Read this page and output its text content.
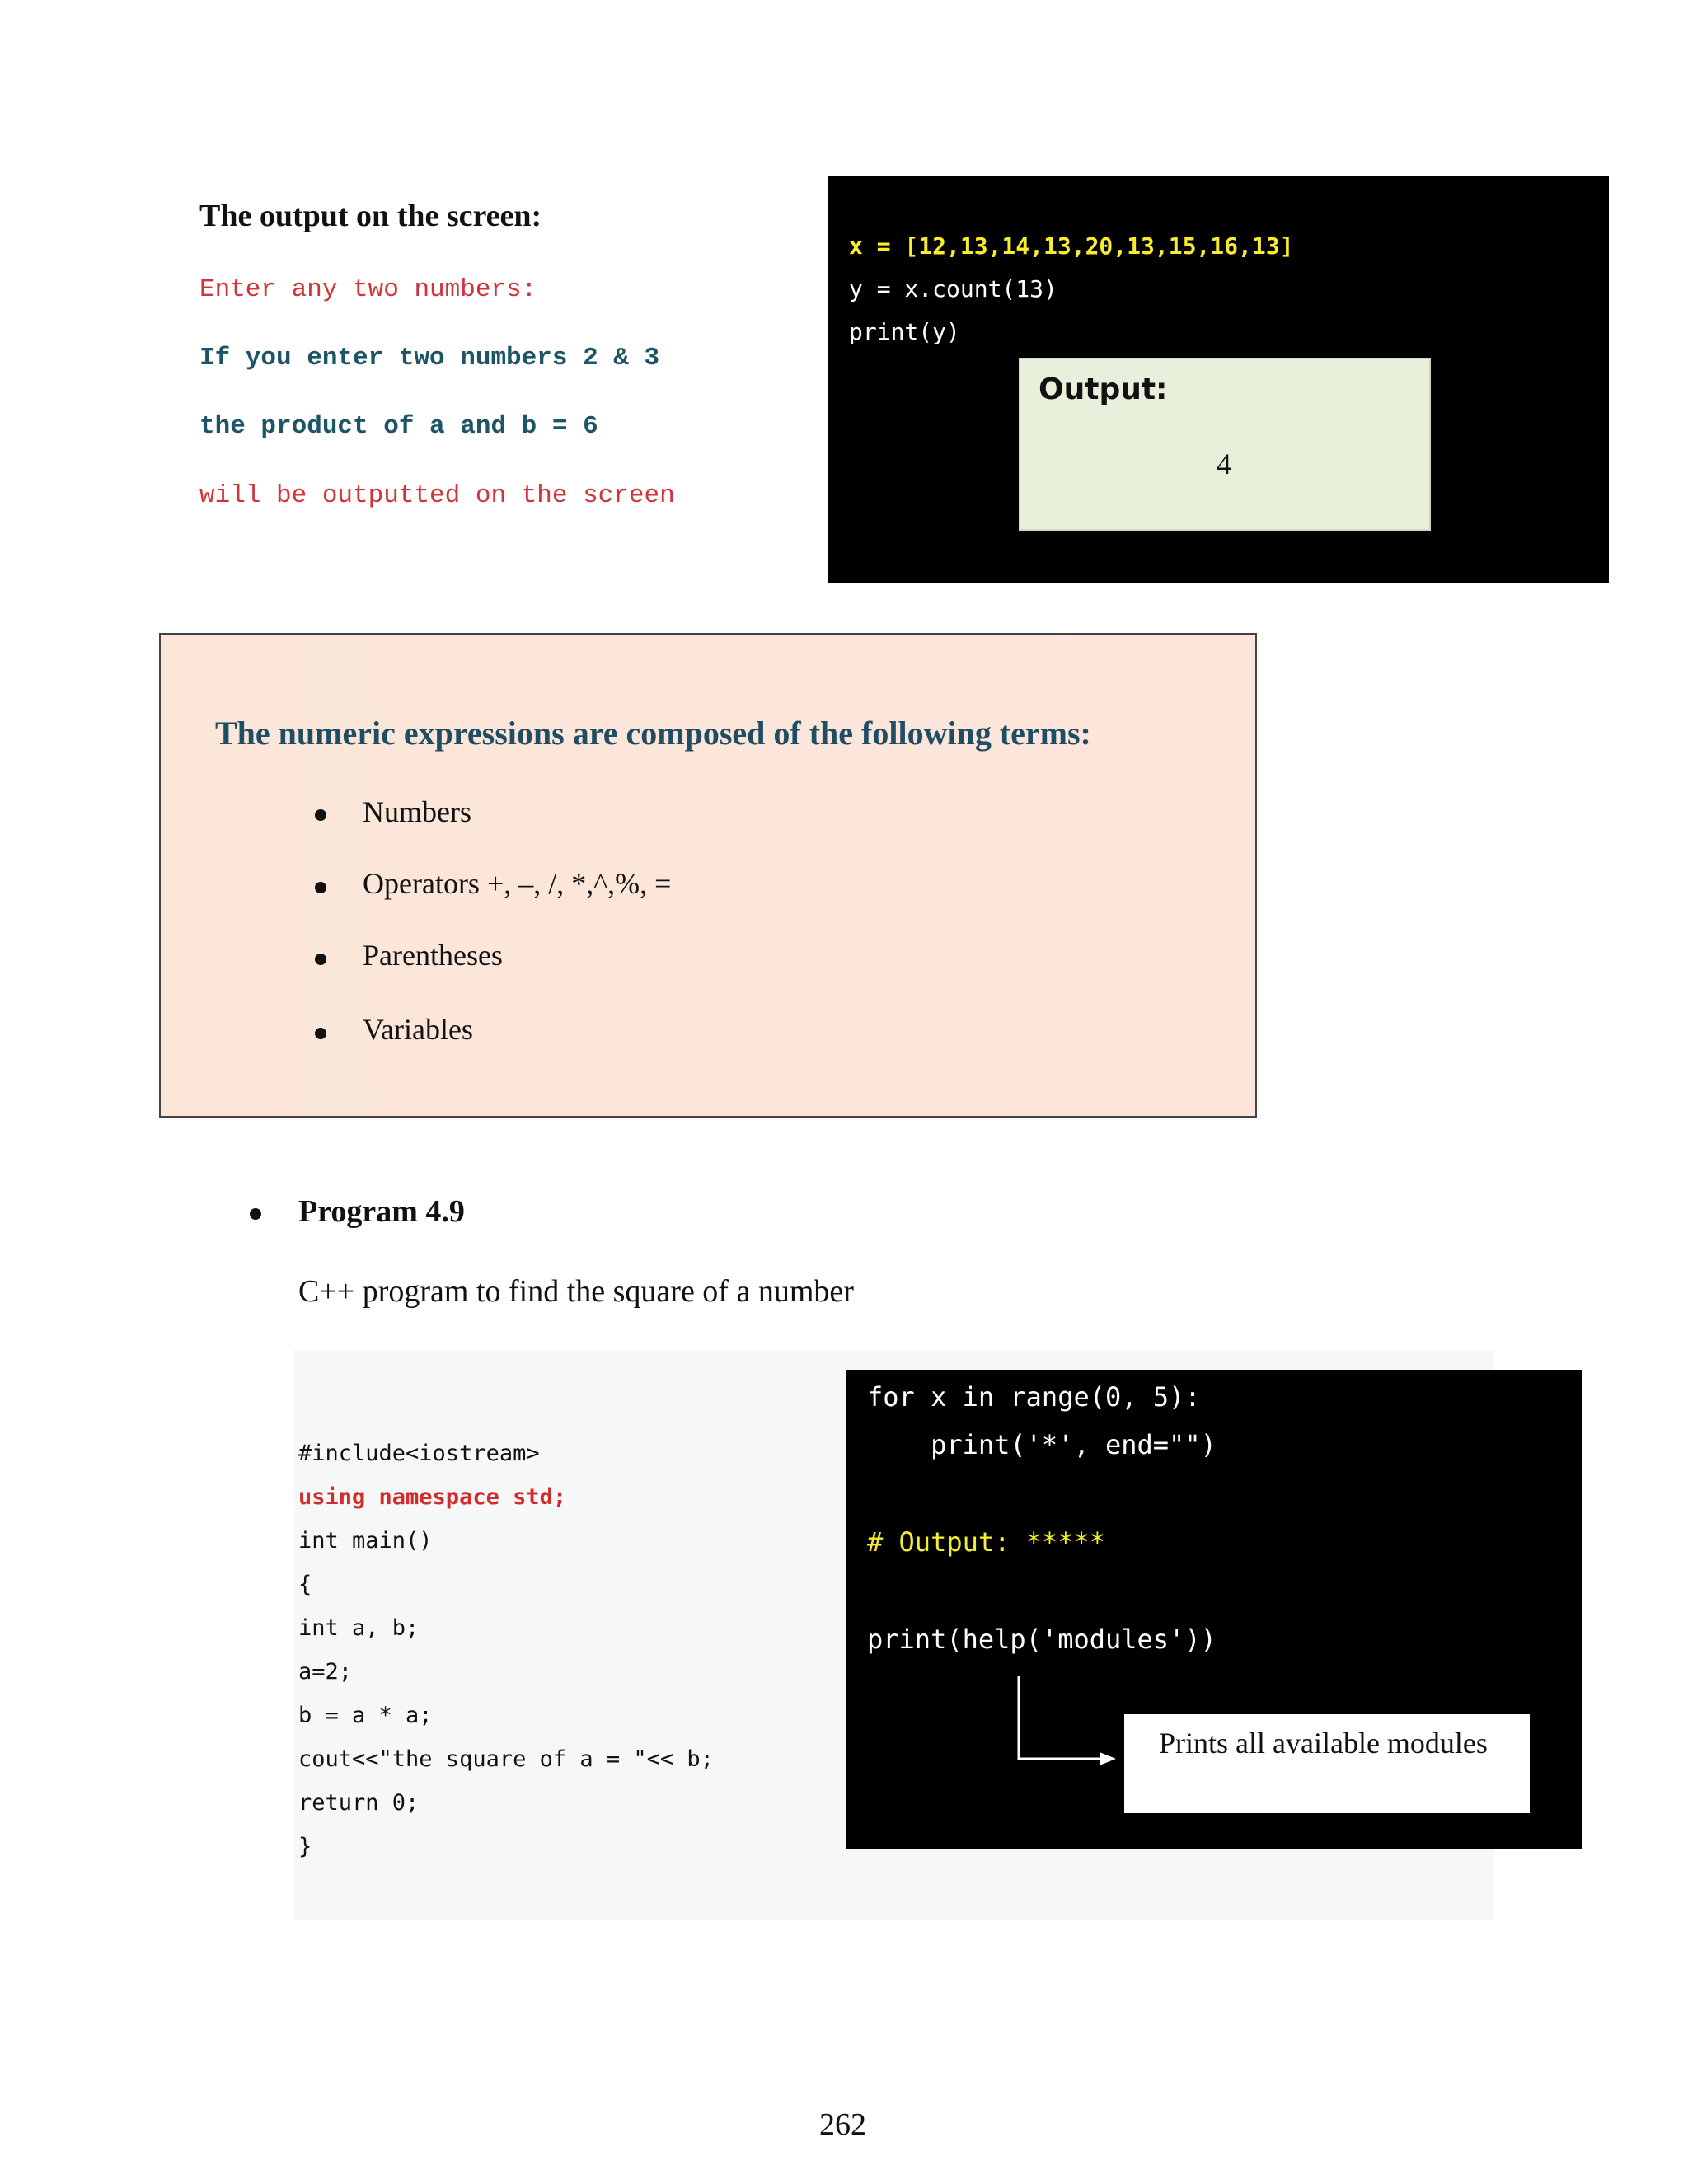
The output on the screen:
Enter any two numbers:
If you enter two numbers 2 & 3
the product of a and b = 6
will be outputted on the screen
x = [12,13,14,13,20,13,15,16,13]
y = x.count(13)
print(y)
Output:
4
The numeric expressions are composed of the following terms:
Numbers
Operators +, –, /, *,^,%, =
Parentheses
Variables
Program 4.9
C++ program to find the square of a number
#include<iostream>
using namespace std;
int main()
{
int a, b;
a=2;
b = a * a;
cout<<"the square of a = "<< b;
return 0;
}
for x in range(0, 5):
print('*', end="")
# Output: *****
print(help('modules'))
Prints all available modules
262
